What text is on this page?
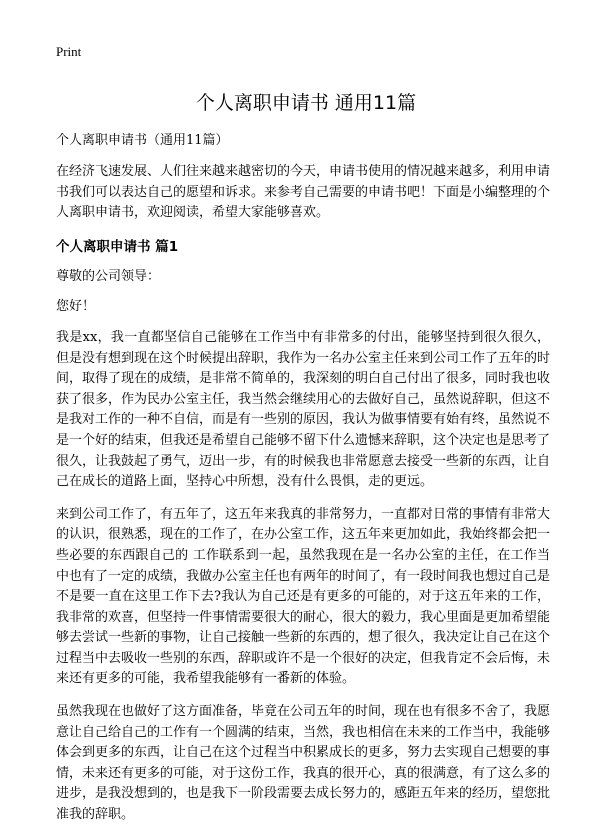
Print

个人离职申请书 通用11篇

个人离职申请书（通用11篇）

在经济飞速发展、人们往来越来越密切的今天，申请书使用的情况越来越多，利用申请书我们可以表达自己的愿望和诉求。来参考自己需要的申请书吧！下面是小编整理的个人离职申请书，欢迎阅读，希望大家能够喜欢。

个人离职申请书 篇1

尊敬的公司领导：

您好！

我是xx，我一直都坚信自己能够在工作当中有非常多的付出，能够坚持到很久很久，但是没有想到现在这个时候提出辞职，我作为一名办公室主任来到公司工作了五年的时间，取得了现在的成绩，是非常不简单的，我深刻的明白自己付出了很多，同时我也收获了很多，作为民办公室主任，我当然会继续用心的去做好自己，虽然说辞职，但这不是我对工作的一种不自信，而是有一些别的原因，我认为做事情要有始有终，虽然说不是一个好的结束，但我还是希望自己能够不留下什么遗憾来辞职，这个决定也是思考了很久，让我鼓起了勇气，迈出一步，有的时候我也非常愿意去接受一些新的东西，让自己在成长的道路上面，坚持心中所想，没有什么畏惧，走的更远。

来到公司工作了，有五年了，这五年来我真的非常努力，一直都对日常的事情有非常大的认识，很熟悉，现在的工作了，在办公室工作，这五年来更加如此，我始终都会把一些必要的东西跟自己的 工作联系到一起，虽然我现在是一名办公室的主任，在工作当中也有了一定的成绩，我做办公室主任也有两年的时间了，有一段时间我也想过自己是不是要一直在这里工作下去?我认为自己还是有更多的可能的，对于这五年来的工作，我非常的欢喜，但坚持一件事情需要很大的耐心，很大的毅力，我心里面是更加希望能够去尝试一些新的事物，让自己接触一些新的东西的，想了很久，我决定让自己在这个过程当中去吸收一些别的东西，辞职或许不是一个很好的决定，但我肯定不会后悔，未来还有更多的可能，我希望我能够有一番新的体验。

虽然我现在也做好了这方面准备，毕竟在公司五年的时间，现在也有很多不舍了，我愿意让自己给自己的工作有一个圆满的结束，当然，我也相信在未来的工作当中，我能够体会到更多的东西，让自己在这个过程当中积累成长的更多，努力去实现自己想要的事情，未来还有更多的可能，对于这份工作，我真的很开心，真的很满意，有了这么多的进步，是我没想到的，也是我下一阶段需要去成长努力的，感距五年来的经历，望您批准我的辞职。
